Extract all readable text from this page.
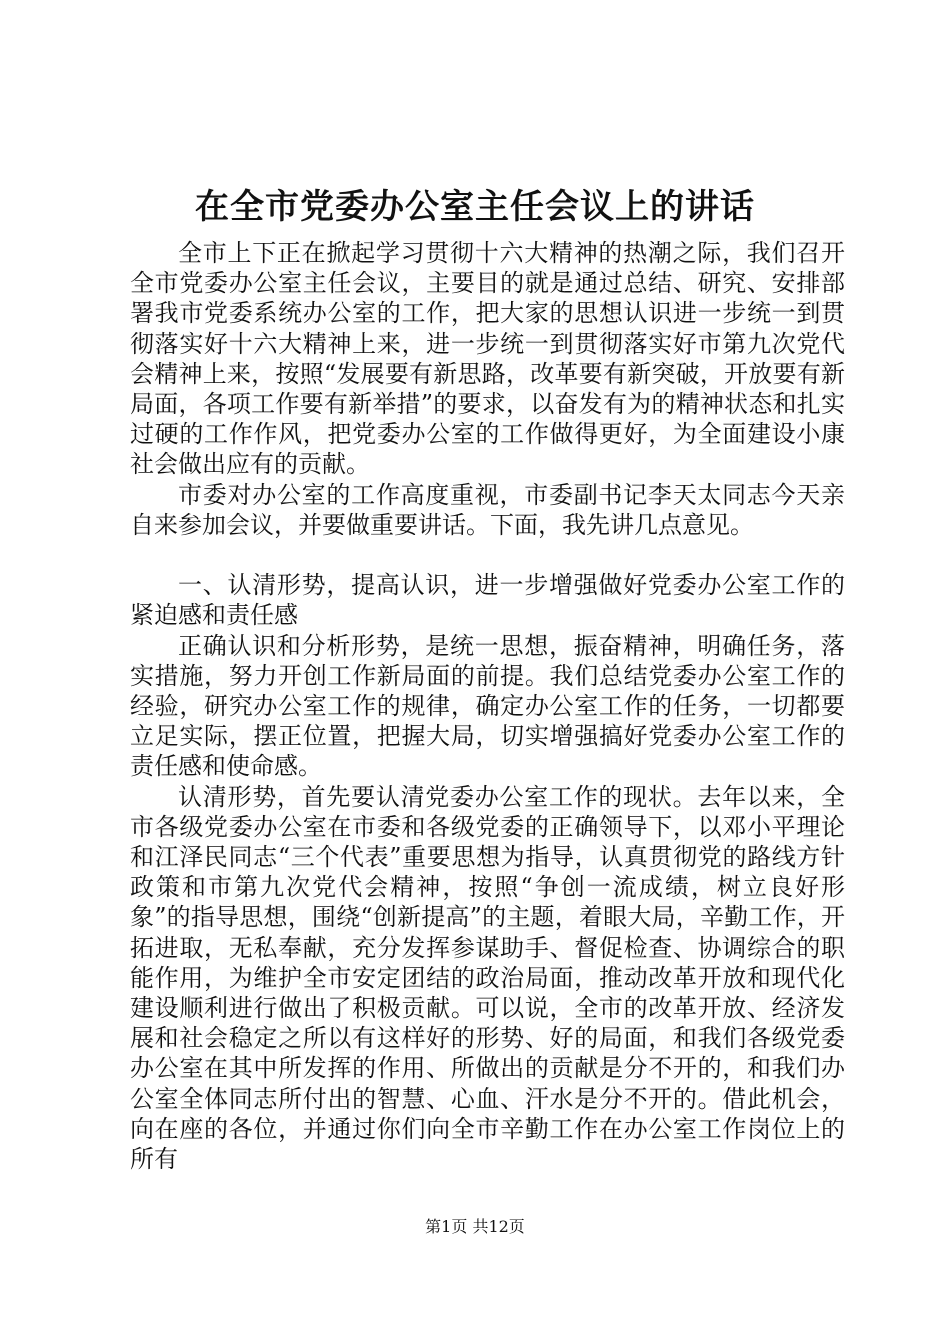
在全市党委办公室主任会议上的讲话

全市上下正在掀起学习贯彻十六大精神的热潮之际，我们召开全市党委办公室主任会议，主要目的就是通过总结、研究、安排部署我市党委系统办公室的工作，把大家的思想认识进一步统一到贯彻落实好十六大精神上来，进一步统一到贯彻落实好市第九次党代会精神上来，按照“发展要有新思路，改革要有新突破，开放要有新局面，各项工作要有新举措”的要求，以奋发有为的精神状态和扎实过硬的工作作风，把党委办公室的工作做得更好，为全面建设小康社会做出应有的贡献。

市委对办公室的工作高度重视，市委副书记李天太同志今天亲自来参加会议，并要做重要讲话。下面，我先讲几点意见。

一、认清形势，提高认识，进一步增强做好党委办公室工作的紧迫感和责任感

正确认识和分析形势，是统一思想，振奋精神，明确任务，落实措施，努力开创工作新局面的前提。我们总结党委办公室工作的经验，研究办公室工作的规律，确定办公室工作的任务，一切都要立足实际，摆正位置，把握大局，切实增强搞好党委办公室工作的责任感和使命感。

认清形势，首先要认清党委办公室工作的现状。去年以来，全市各级党委办公室在市委和各级党委的正确领导下，以邓小平理论和江泽民同志“三个代表”重要思想为指导，认真贯彻党的路线方针政策和市第九次党代会精神，按照“争创一流成绩，树立良好形象”的指导思想，围绕“创新提高”的主题，着眼大局，辛勤工作，开拓进取，无私奉献，充分发挥参谋助手、督促检查、协调综合的职能作用，为维护全市安定团结的政治局面，推动改革开放和现代化建设顺利进行做出了积极贡献。可以说，全市的改革开放、经济发展和社会稳定之所以有这样好的形势、好的局面，和我们各级党委办公室在其中所发挥的作用、所做出的贡献是分不开的，和我们办公室全体同志所付出的智慧、心血、汗水是分不开的。借此机会，向在座的各位，并通过你们向全市辛勤工作在办公室工作岗位上的所有

第1页 共12页
